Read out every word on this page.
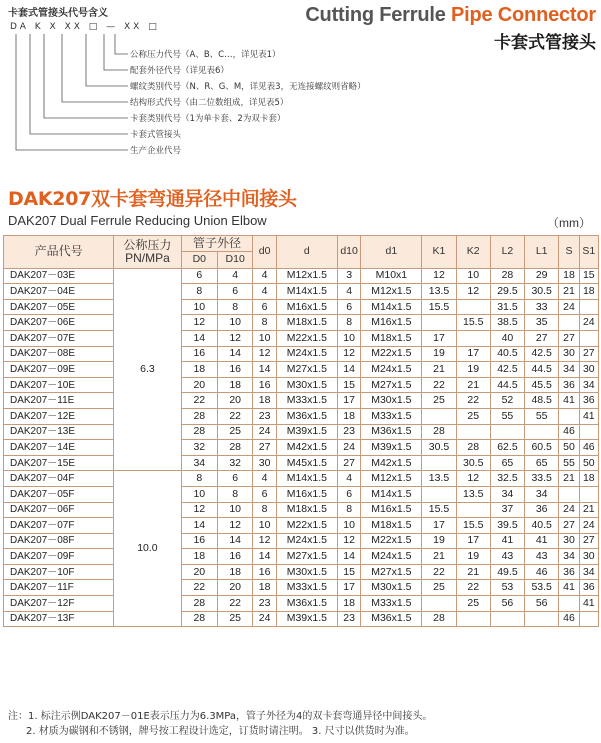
Cutting Ferrule Pipe Connector
卡套式管接头
卡套式管接头代号含义
DA K X XX □ — XX □
公称压力代号（A、B、C…，详见表1）
配套外径代号（详见表6）
螺纹类别代号（N、R、G、M，详见表3，无连接螺纹则省略）
结构形式代号（由二位数组成，详见表5）
卡套类别代号（1为单卡套、2为双卡套）
卡套式管接头
生产企业代号
DAK207双卡套弯通异径中间接头
DAK207 Dual Ferrule Reducing Union Elbow	（mm）
产品代号	公称压力
PN/MPa	管子外径		d0	d	d10	d1	K1	K2	L2	L1	S	S1
		D0	D10										
DAK207－03E	6.3	6	4	4	M12x1.5	3	M10x1	12	10	28	29	18	15
DAK207－04E		8	6	4	M14x1.5	4	M12x1.5	13.5	12	29.5	30.5	21	18
DAK207－05E		10	8	6	M16x1.5	6	M14x1.5	15.5		31.5	33	24	
DAK207－06E		12	10	8	M18x1.5	8	M16x1.5		15.5	38.5	35		24
DAK207－07E		14	12	10	M22x1.5	10	M18x1.5	17		40	27	27	
DAK207－08E		16	14	12	M24x1.5	12	M22x1.5	19	17	40.5	42.5	30	27
DAK207－09E		18	16	14	M27x1.5	14	M24x1.5	21	19	42.5	44.5	34	30
DAK207－10E		20	18	16	M30x1.5	15	M27x1.5	22	21	44.5	45.5	36	34
DAK207－11E		22	20	18	M33x1.5	17	M30x1.5	25	22	52	48.5	41	36
DAK207－12E		28	22	23	M36x1.5	18	M33x1.5		25	55	55		41
DAK207－13E		28	25	24	M39x1.5	23	M36x1.5	28				46	
DAK207－14E		32	28	27	M42x1.5	24	M39x1.5	30.5	28	62.5	60.5	50	46
DAK207－15E		34	32	30	M45x1.5	27	M42x1.5		30.5	65	65	55	50
DAK207－04F	10.0	8	6	4	M14x1.5	4	M12x1.5	13.5	12	32.5	33.5	21	18
DAK207－05F		10	8	6	M16x1.5	6	M14x1.5		13.5	34	34		
DAK207－06F		12	10	8	M18x1.5	8	M16x1.5	15.5		37	36	24	21
DAK207－07F		14	12	10	M22x1.5	10	M18x1.5	17	15.5	39.5	40.5	27	24
DAK207－08F		16	14	12	M24x1.5	12	M22x1.5	19	17	41	41	30	27
DAK207－09F		18	16	14	M27x1.5	14	M24x1.5	21	19	43	43	34	30
DAK207－10F		20	18	16	M30x1.5	15	M27x1.5	22	21	49.5	46	36	34
DAK207－11F		22	20	18	M33x1.5	17	M30x1.5	25	22	53	53.5	41	36
DAK207－12F		28	22	23	M36x1.5	18	M33x1.5		25	56	56		41
DAK207－13F		28	25	24	M39x1.5	23	M36x1.5	28				46	
注：1. 标注示例DAK207－01E表示压力为6.3MPa，管子外径为4的双卡套弯通异径中间接头。
2. 材质为碳钢和不锈钢，牌号按工程设计选定，订货时请注明。 3. 尺寸以供货时为准。
